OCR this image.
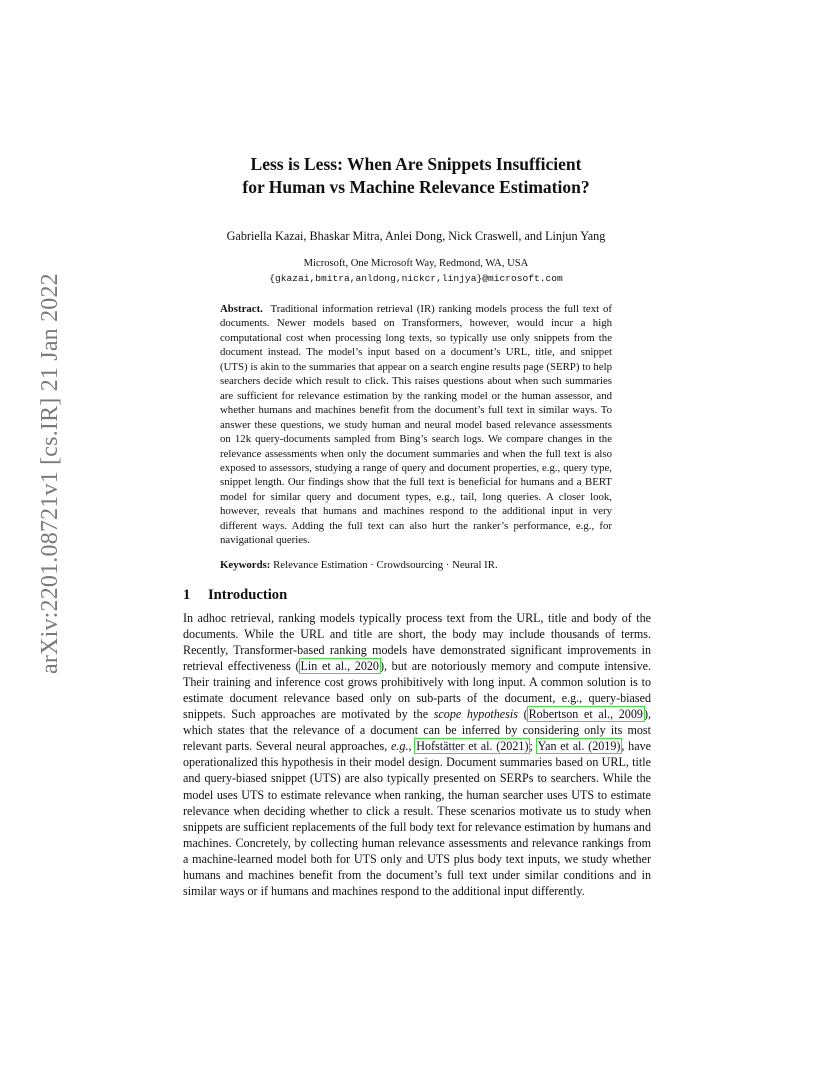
arXiv:2201.08721v1 [cs.IR] 21 Jan 2022
Less is Less: When Are Snippets Insufficient
for Human vs Machine Relevance Estimation?
Gabriella Kazai, Bhaskar Mitra, Anlei Dong, Nick Craswell, and Linjun Yang
Microsoft, One Microsoft Way, Redmond, WA, USA
{gkazai,bmitra,anldong,nickcr,linjya}@microsoft.com
Abstract. Traditional information retrieval (IR) ranking models process the full text of documents. Newer models based on Transformers, however, would incur a high computational cost when processing long texts, so typically use only snippets from the document instead. The model’s input based on a document’s URL, title, and snippet (UTS) is akin to the summaries that appear on a search engine results page (SERP) to help searchers decide which result to click. This raises questions about when such summaries are sufficient for relevance estimation by the ranking model or the human assessor, and whether humans and machines benefit from the document’s full text in similar ways. To answer these questions, we study human and neural model based relevance assessments on 12k query-documents sampled from Bing’s search logs. We compare changes in the relevance assessments when only the document summaries and when the full text is also exposed to assessors, studying a range of query and document properties, e.g., query type, snippet length. Our findings show that the full text is beneficial for humans and a BERT model for similar query and document types, e.g., tail, long queries. A closer look, however, reveals that humans and machines respond to the additional input in very different ways. Adding the full text can also hurt the ranker’s performance, e.g., for navigational queries.
Keywords: Relevance Estimation · Crowdsourcing · Neural IR.
1 Introduction

In adhoc retrieval, ranking models typically process text from the URL, title and body of the documents. While the URL and title are short, the body may include thousands of terms. Recently, Transformer-based ranking models have demonstrated significant improvements in retrieval effectiveness (Lin et al., 2020), but are notoriously memory and compute intensive. Their training and inference cost grows prohibitively with long input. A common solution is to estimate document relevance based only on sub-parts of the document, e.g., query-biased snippets. Such approaches are motivated by the scope hypothesis (Robertson et al., 2009), which states that the relevance of a document can be inferred by considering only its most relevant parts. Several neural approaches, e.g., Hofstätter et al. (2021); Yan et al. (2019), have operationalized this hypothesis in their model design. Document summaries based on URL, title and query-biased snippet (UTS) are also typically presented on SERPs to searchers. While the model uses UTS to estimate relevance when ranking, the human searcher uses UTS to estimate relevance when deciding whether to click a result. These scenarios motivate us to study when snippets are sufficient replacements of the full body text for relevance estimation by humans and machines. Concretely, by collecting human relevance assessments and relevance rankings from a machine-learned model both for UTS only and UTS plus body text inputs, we study whether humans and machines benefit from the document’s full text under similar conditions and in similar ways or if humans and machines respond to the additional input differently.
